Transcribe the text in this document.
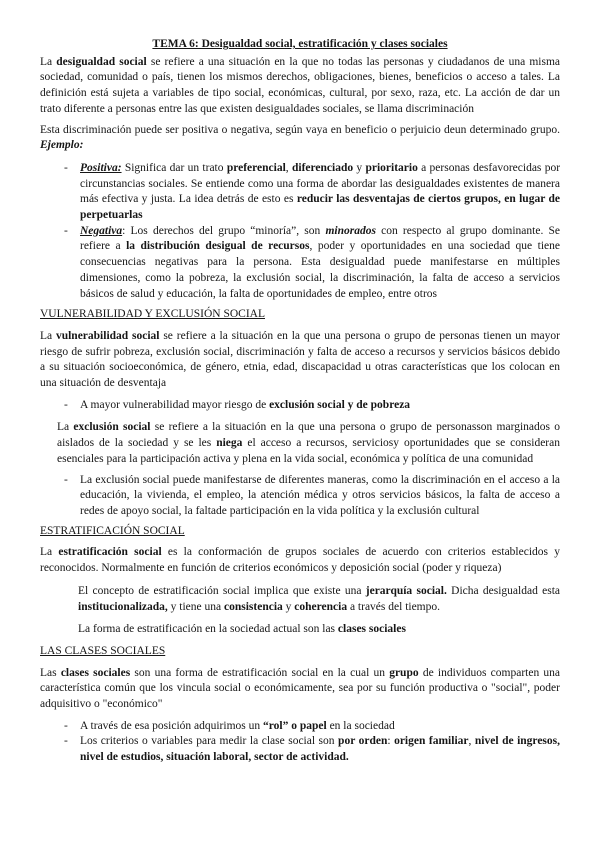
TEMA 6: Desigualdad social, estratificación y clases sociales

La desigualdad social se refiere a una situación en la que no todas las personas y ciudadanos de una misma sociedad, comunidad o país, tienen los mismos derechos, obligaciones, bienes, beneficios o acceso a tales. La definición está sujeta a variables de tipo social, económicas, cultural, por sexo, raza, etc. La acción de dar un trato diferente a personas entre las que existen desigualdades sociales, se llama discriminación

Esta discriminación puede ser positiva o negativa, según vaya en beneficio o perjuicio deun determinado grupo. Ejemplo:

- Positiva: Significa dar un trato preferencial, diferenciado y prioritario a personas desfavorecidas por circunstancias sociales. Se entiende como una forma de abordar las desigualdades existentes de manera más efectiva y justa. La idea detrás de esto es reducir las desventajas de ciertos grupos, en lugar de perpetuarlas
- Negativa: Los derechos del grupo “minoría”, son minorados con respecto al grupo dominante. Se refiere a la distribución desigual de recursos, poder y oportunidades en una sociedad que tiene consecuencias negativas para la persona. Esta desigualdad puede manifestarse en múltiples dimensiones, como la pobreza, la exclusión social, la discriminación, la falta de acceso a servicios básicos de salud y educación, la falta de oportunidades de empleo, entre otros

VULNERABILIDAD Y EXCLUSIÓN SOCIAL

La vulnerabilidad social se refiere a la situación en la que una persona o grupo de personas tienen un mayor riesgo de sufrir pobreza, exclusión social, discriminación y falta de acceso a recursos y servicios básicos debido a su situación socioeconómica, de género, etnia, edad, discapacidad u otras características que los colocan en una situación de desventaja

- A mayor vulnerabilidad mayor riesgo de exclusión social y de pobreza

La exclusión social se refiere a la situación en la que una persona o grupo de personasson marginados o aislados de la sociedad y se les niega el acceso a recursos, serviciosy oportunidades que se consideran esenciales para la participación activa y plena en la vida social, económica y política de una comunidad

- La exclusión social puede manifestarse de diferentes maneras, como la discriminación en el acceso a la educación, la vivienda, el empleo, la atención médica y otros servicios básicos, la falta de acceso a redes de apoyo social, la faltade participación en la vida política y la exclusión cultural

ESTRATIFICACIÓN SOCIAL

La estratificación social es la conformación de grupos sociales de acuerdo con criterios establecidos y reconocidos. Normalmente en función de criterios económicos y deposición social (poder y riqueza)

El concepto de estratificación social implica que existe una jerarquía social. Dicha desigualdad esta institucionalizada, y tiene una consistencia y coherencia a través del tiempo.

La forma de estratificación en la sociedad actual son las clases sociales

LAS CLASES SOCIALES

Las clases sociales son una forma de estratificación social en la cual un grupo de individuos comparten una característica común que los vincula social o económicamente, sea por su función productiva o "social", poder adquisitivo o "económico"

- A través de esa posición adquirimos un “rol” o papel en la sociedad
- Los criterios o variables para medir la clase social son por orden: origen familiar, nivel de ingresos, nivel de estudios, situación laboral, sector de actividad.
